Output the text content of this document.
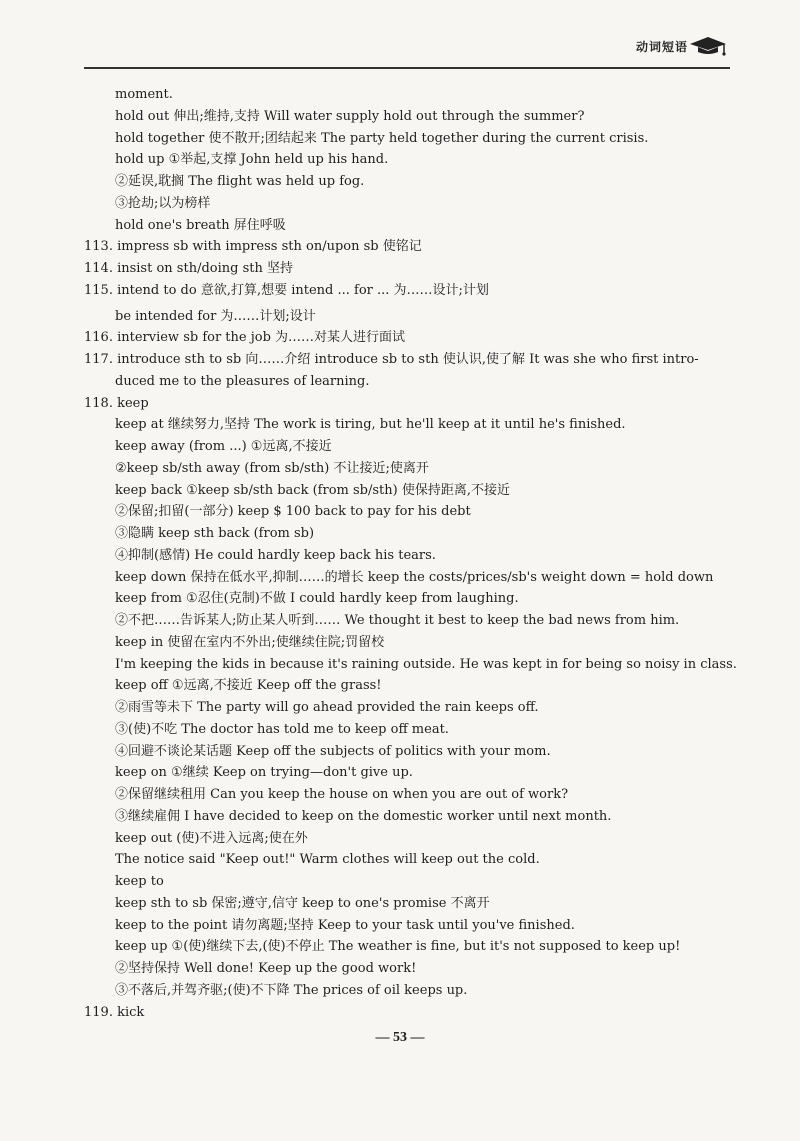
动词短语
moment.
hold out 伸出;维持,支持 Will water supply hold out through the summer?
hold together 使不散开;团结起来 The party held together during the current crisis.
hold up ①举起,支撑 John held up his hand.
②延误,耽搁 The flight was held up fog.
③抢劫;以为榜样
hold one's breath 屏住呼吸
113. impress sb with impress sth on/upon sb 使铭记
114. insist on sth/doing sth 坚持
115. intend to do 意欲,打算,想要 intend ... for ... 为……设计;计划
be intended for 为……计划;设计
116. interview sb for the job 为……对某人进行面试
117. introduce sth to sb 向……介绍 introduce sb to sth 使认识,使了解 It was she who first intro-
duced me to the pleasures of learning.
118. keep
keep at 继续努力,坚持 The work is tiring, but he'll keep at it until he's finished.
keep away (from ...) ①远离,不接近
②keep sb/sth away (from sb/sth) 不让接近;使离开
keep back ①keep sb/sth back (from sb/sth) 使保持距离,不接近
②保留;扣留(一部分) keep $ 100 back to pay for his debt
③隐瞒 keep sth back (from sb)
④抑制(感情) He could hardly keep back his tears.
keep down 保持在低水平,抑制……的增长 keep the costs/prices/sb's weight down = hold down
keep from ①忍住(克制)不做 I could hardly keep from laughing.
②不把……告诉某人;防止某人听到…… We thought it best to keep the bad news from him.
keep in 使留在室内不外出;使继续住院;罚留校
I'm keeping the kids in because it's raining outside. He was kept in for being so noisy in class.
keep off ①远离,不接近 Keep off the grass!
②雨雪等未下 The party will go ahead provided the rain keeps off.
③(使)不吃 The doctor has told me to keep off meat.
④回避不谈论某话题 Keep off the subjects of politics with your mom.
keep on ①继续 Keep on trying—don't give up.
②保留继续租用 Can you keep the house on when you are out of work?
③继续雇佣 I have decided to keep on the domestic worker until next month.
keep out (使)不进入远离;使在外
The notice said "Keep out!" Warm clothes will keep out the cold.
keep to
keep sth to sb 保密;遵守,信守 keep to one's promise 不离开
keep to the point 请勿离题;坚持 Keep to your task until you've finished.
keep up ①(使)继续下去,(使)不停止 The weather is fine, but it's not supposed to keep up!
②坚持保持 Well done! Keep up the good work!
③不落后,并驾齐驱;(使)不下降 The prices of oil keeps up.
119. kick
— 53 —
